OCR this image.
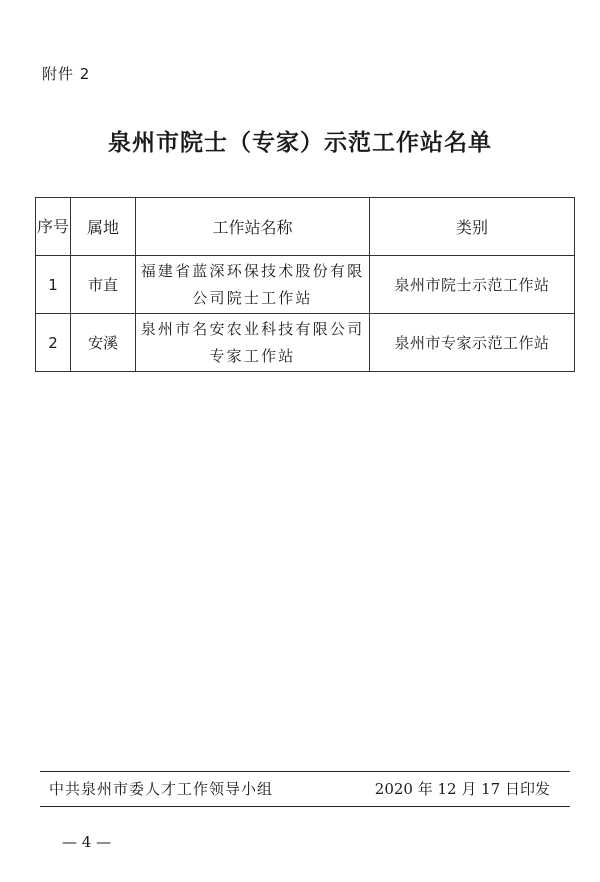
附件 2
泉州市院士（专家）示范工作站名单
序号	属地	工作站名称	类别
1	市直	福建省蓝深环保技术股份有限公司院士工作站	泉州市院士示范工作站
2	安溪	泉州市名安农业科技有限公司专家工作站	泉州市专家示范工作站
中共泉州市委人才工作领导小组	2020 年 12 月 17 日印发
— 4 —
